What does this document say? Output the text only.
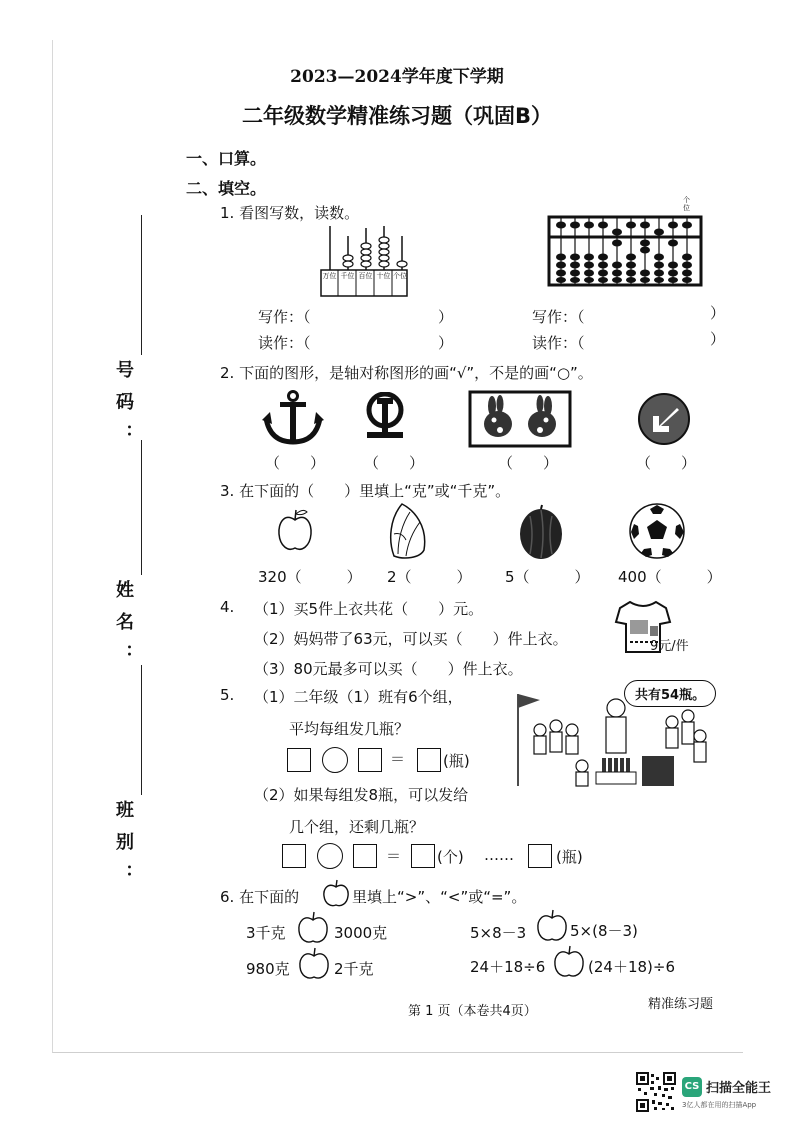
2023—2024学年度下学期
二年级数学精准练习题（巩固B）
号码：
姓名：
班别：
一、口算。
二、填空。
1. 看图写数，读数。
万位 千位 百位 十位 个位
个位
写作：（	）
读作：（	）
写作：（	）
读作：（	）
2. 下面的图形，是轴对称图形的画“√”，不是的画“○”。
（　　）	（　　）	（　　）	（　　）
3. 在下面的（　　）里填上“克”或“千克”。
320（　　　） 2（　　　） 5（　　　） 400（　　　）
4. （1）买5件上衣共花（　　）元。
（2）妈妈带了63元，可以买（　　）件上衣。
（3）80元最多可以买（　　）件上衣。
9元/件
5. （1）二年级（1）班有6个组，
平均每组发几瓶？
＝	(瓶)
（2）如果每组发8瓶，可以发给
几个组，还剩几瓶？
＝ (个) ……	(瓶)
共有54瓶。
6. 在下面的	里填上“>”、“<”或“=”。
3千克	3000克	5×8－3	5×(8－3)
980克	2千克	24＋18÷6	(24＋18)÷6
第 1 页（本卷共4页）	精准练习题
CS 扫描全能王
3亿人都在用的扫描App
